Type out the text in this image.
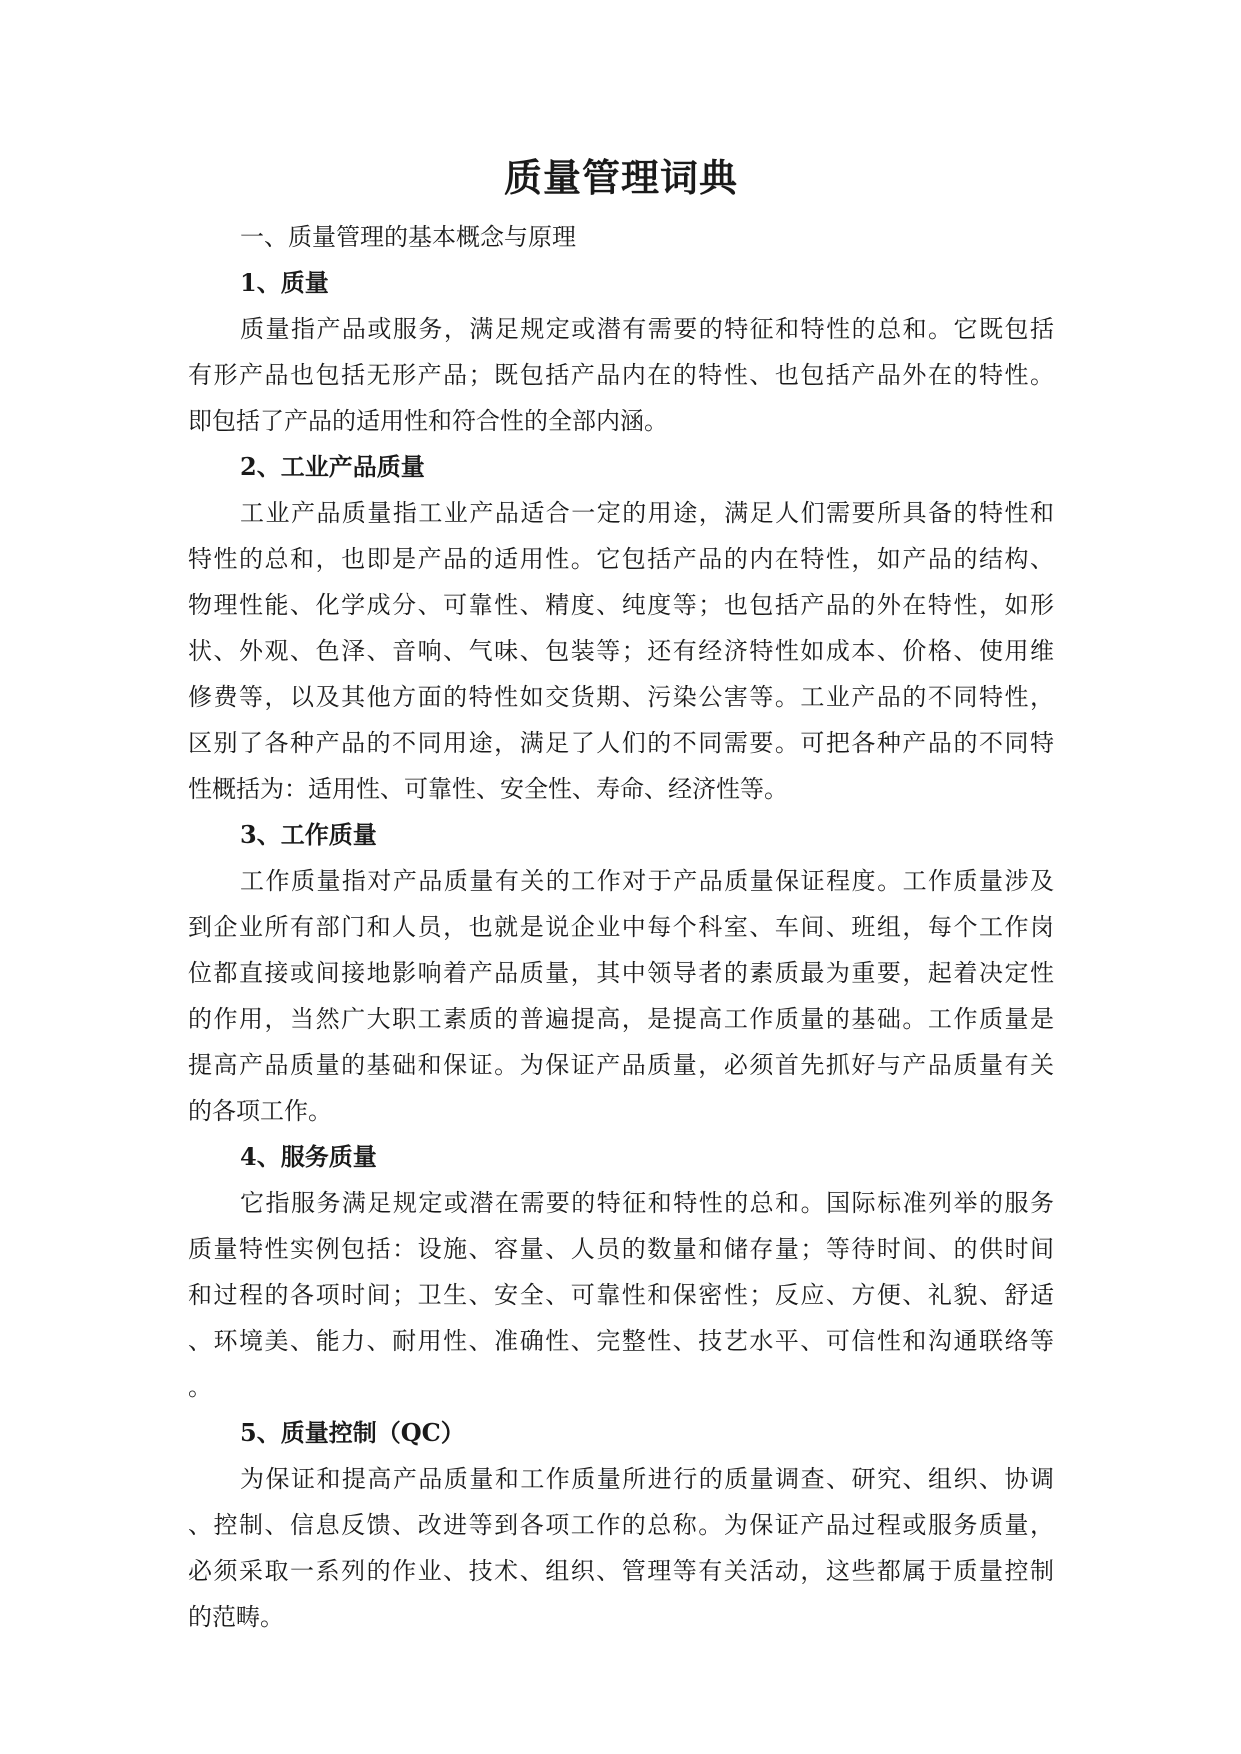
质量管理词典

一、质量管理的基本概念与原理

1、质量

质量指产品或服务，满足规定或潜有需要的特征和特性的总和。它既包括
有形产品也包括无形产品；既包括产品内在的特性、也包括产品外在的特性。
即包括了产品的适用性和符合性的全部内涵。

2、工业产品质量

工业产品质量指工业产品适合一定的用途，满足人们需要所具备的特性和
特性的总和，也即是产品的适用性。它包括产品的内在特性，如产品的结构、
物理性能、化学成分、可靠性、精度、纯度等；也包括产品的外在特性，如形
状、外观、色泽、音响、气味、包装等；还有经济特性如成本、价格、使用维
修费等，以及其他方面的特性如交货期、污染公害等。工业产品的不同特性，
区别了各种产品的不同用途，满足了人们的不同需要。可把各种产品的不同特
性概括为：适用性、可靠性、安全性、寿命、经济性等。

3、工作质量

工作质量指对产品质量有关的工作对于产品质量保证程度。工作质量涉及
到企业所有部门和人员，也就是说企业中每个科室、车间、班组，每个工作岗
位都直接或间接地影响着产品质量，其中领导者的素质最为重要，起着决定性
的作用，当然广大职工素质的普遍提高，是提高工作质量的基础。工作质量是
提高产品质量的基础和保证。为保证产品质量，必须首先抓好与产品质量有关
的各项工作。

4、服务质量

它指服务满足规定或潜在需要的特征和特性的总和。国际标准列举的服务
质量特性实例包括：设施、容量、人员的数量和储存量；等待时间、的供时间
和过程的各项时间；卫生、安全、可靠性和保密性；反应、方便、礼貌、舒适
、环境美、能力、耐用性、准确性、完整性、技艺水平、可信性和沟通联络等
。

5、质量控制（QC）

为保证和提高产品质量和工作质量所进行的质量调查、研究、组织、协调
、控制、信息反馈、改进等到各项工作的总称。为保证产品过程或服务质量，
必须采取一系列的作业、技术、组织、管理等有关活动，这些都属于质量控制
的范畴。
